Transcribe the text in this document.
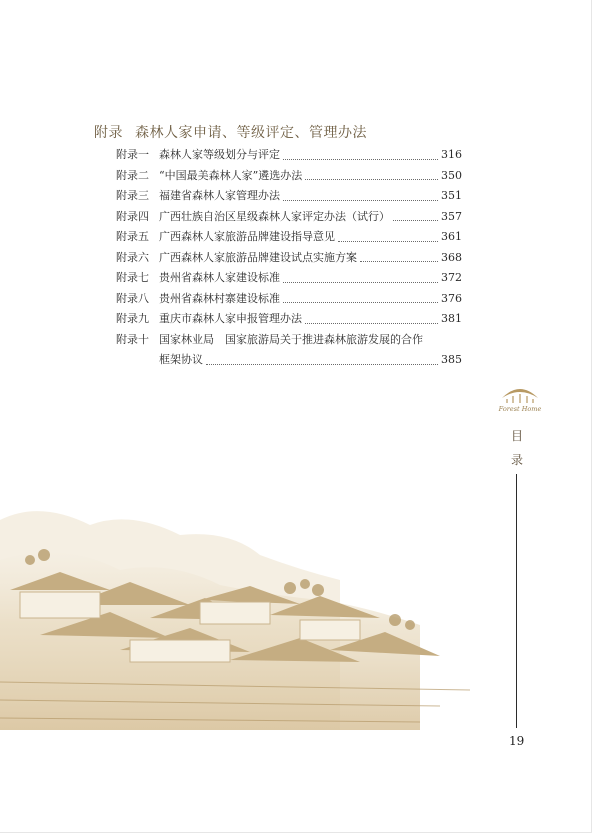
附录 森林人家申请、等级评定、管理办法
附录一 森林人家等级划分与评定	316
附录二 “中国最美森林人家”遴选办法	350
附录三 福建省森林人家管理办法	351
附录四 广西壮族自治区星级森林人家评定办法（试行）	357
附录五 广西森林人家旅游品牌建设指导意见	361
附录六 广西森林人家旅游品牌建设试点实施方案	368
附录七 贵州省森林人家建设标准	372
附录八 贵州省森林村寨建设标准	376
附录九 重庆市森林人家申报管理办法	381
附录十 国家林业局　国家旅游局关于推进森林旅游发展的合作
框架协议	385
Forest Home
目
录
19
